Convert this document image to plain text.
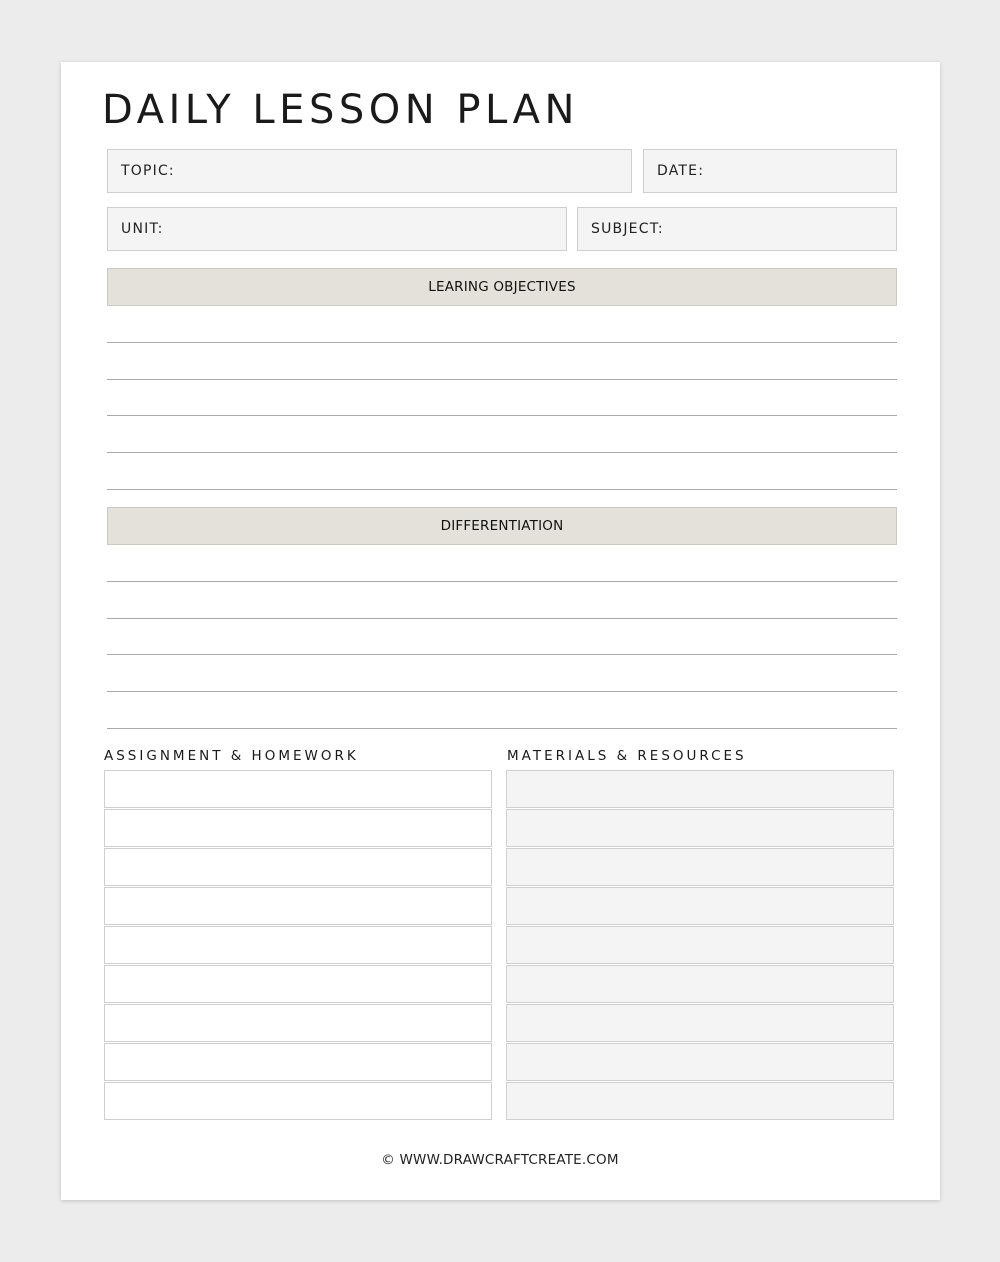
DAILY LESSON PLAN
TOPIC:	DATE:
UNIT:	SUBJECT:
LEARING OBJECTIVES
DIFFERENTIATION
ASSIGNMENT & HOMEWORK	MATERIALS & RESOURCES
© WWW.DRAWCRAFTCREATE.COM
